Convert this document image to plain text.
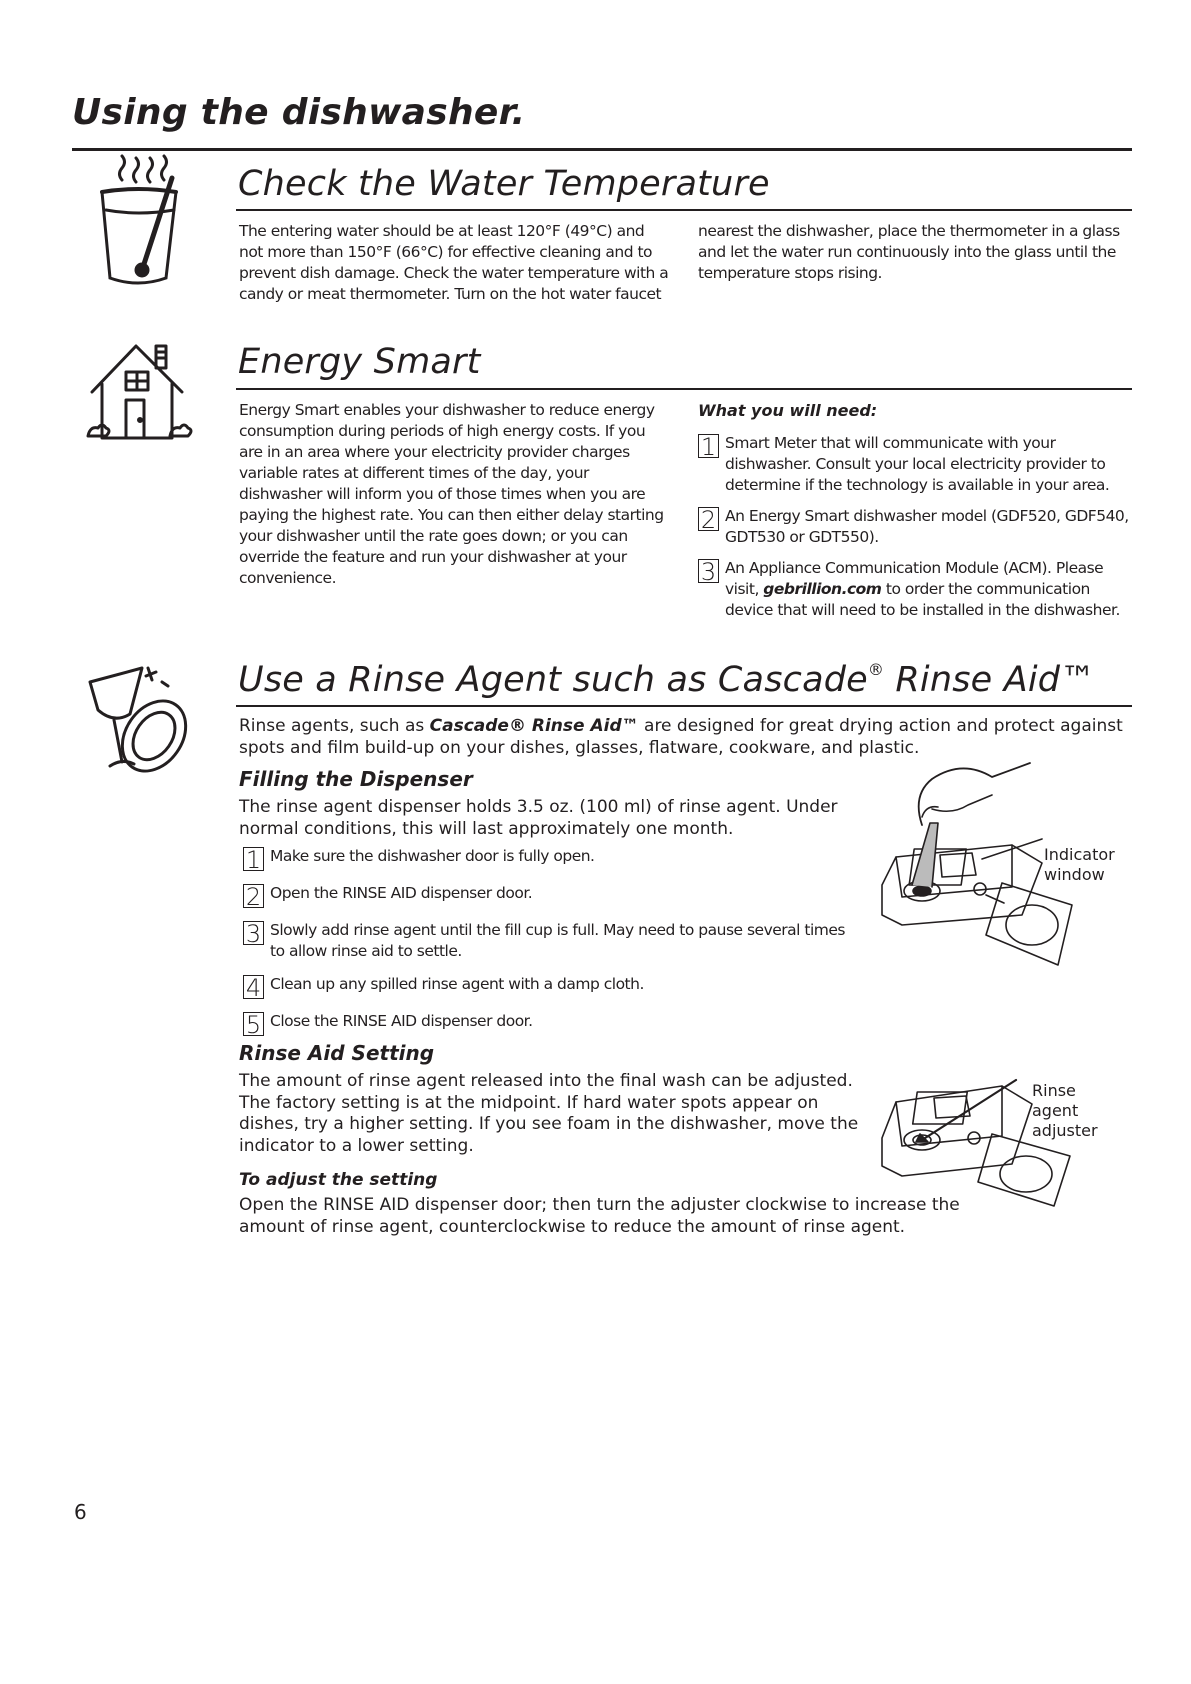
Using the dishwasher.
Check the Water Temperature

The entering water should be at least 120°F (49°C) and not more than 150°F (66°C) for effective cleaning and to prevent dish damage. Check the water temperature with a candy or meat thermometer. Turn on the hot water faucet

nearest the dishwasher, place the thermometer in a glass and let the water run continuously into the glass until the temperature stops rising.

Energy Smart

Energy Smart enables your dishwasher to reduce energy consumption during periods of high energy costs. If you are in an area where your electricity provider charges variable rates at different times of the day, your dishwasher will inform you of those times when you are paying the highest rate. You can then either delay starting your dishwasher until the rate goes down; or you can override the feature and run your dishwasher at your convenience.

What you will need:

1 Smart Meter that will communicate with your dishwasher. Consult your local electricity provider to determine if the technology is available in your area.
2 An Energy Smart dishwasher model (GDF520, GDF540, GDT530 or GDT550).
3 An Appliance Communication Module (ACM). Please visit, gebrillion.com to order the communication device that will need to be installed in the dishwasher.
Use a Rinse Agent such as Cascade® Rinse Aid™

Rinse agents, such as Cascade® Rinse Aid™ are designed for great drying action and protect against spots and film build-up on your dishes, glasses, flatware, cookware, and plastic.

Filling the Dispenser

The rinse agent dispenser holds 3.5 oz. (100 ml) of rinse agent. Under normal conditions, this will last approximately one month.

1 Make sure the dishwasher door is fully open.
2 Open the RINSE AID dispenser door.
3 Slowly add rinse agent until the fill cup is full. May need to pause several times to allow rinse aid to settle.
4 Clean up any spilled rinse agent with a damp cloth.
5 Close the RINSE AID dispenser door.
Indicator window

Rinse Aid Setting

The amount of rinse agent released into the final wash can be adjusted. The factory setting is at the midpoint. If hard water spots appear on dishes, try a higher setting. If you see foam in the dishwasher, move the indicator to a lower setting.

To adjust the setting

Open the RINSE AID dispenser door; then turn the adjuster clockwise to increase the amount of rinse agent, counterclockwise to reduce the amount of rinse agent.

Rinse agent adjuster
6
